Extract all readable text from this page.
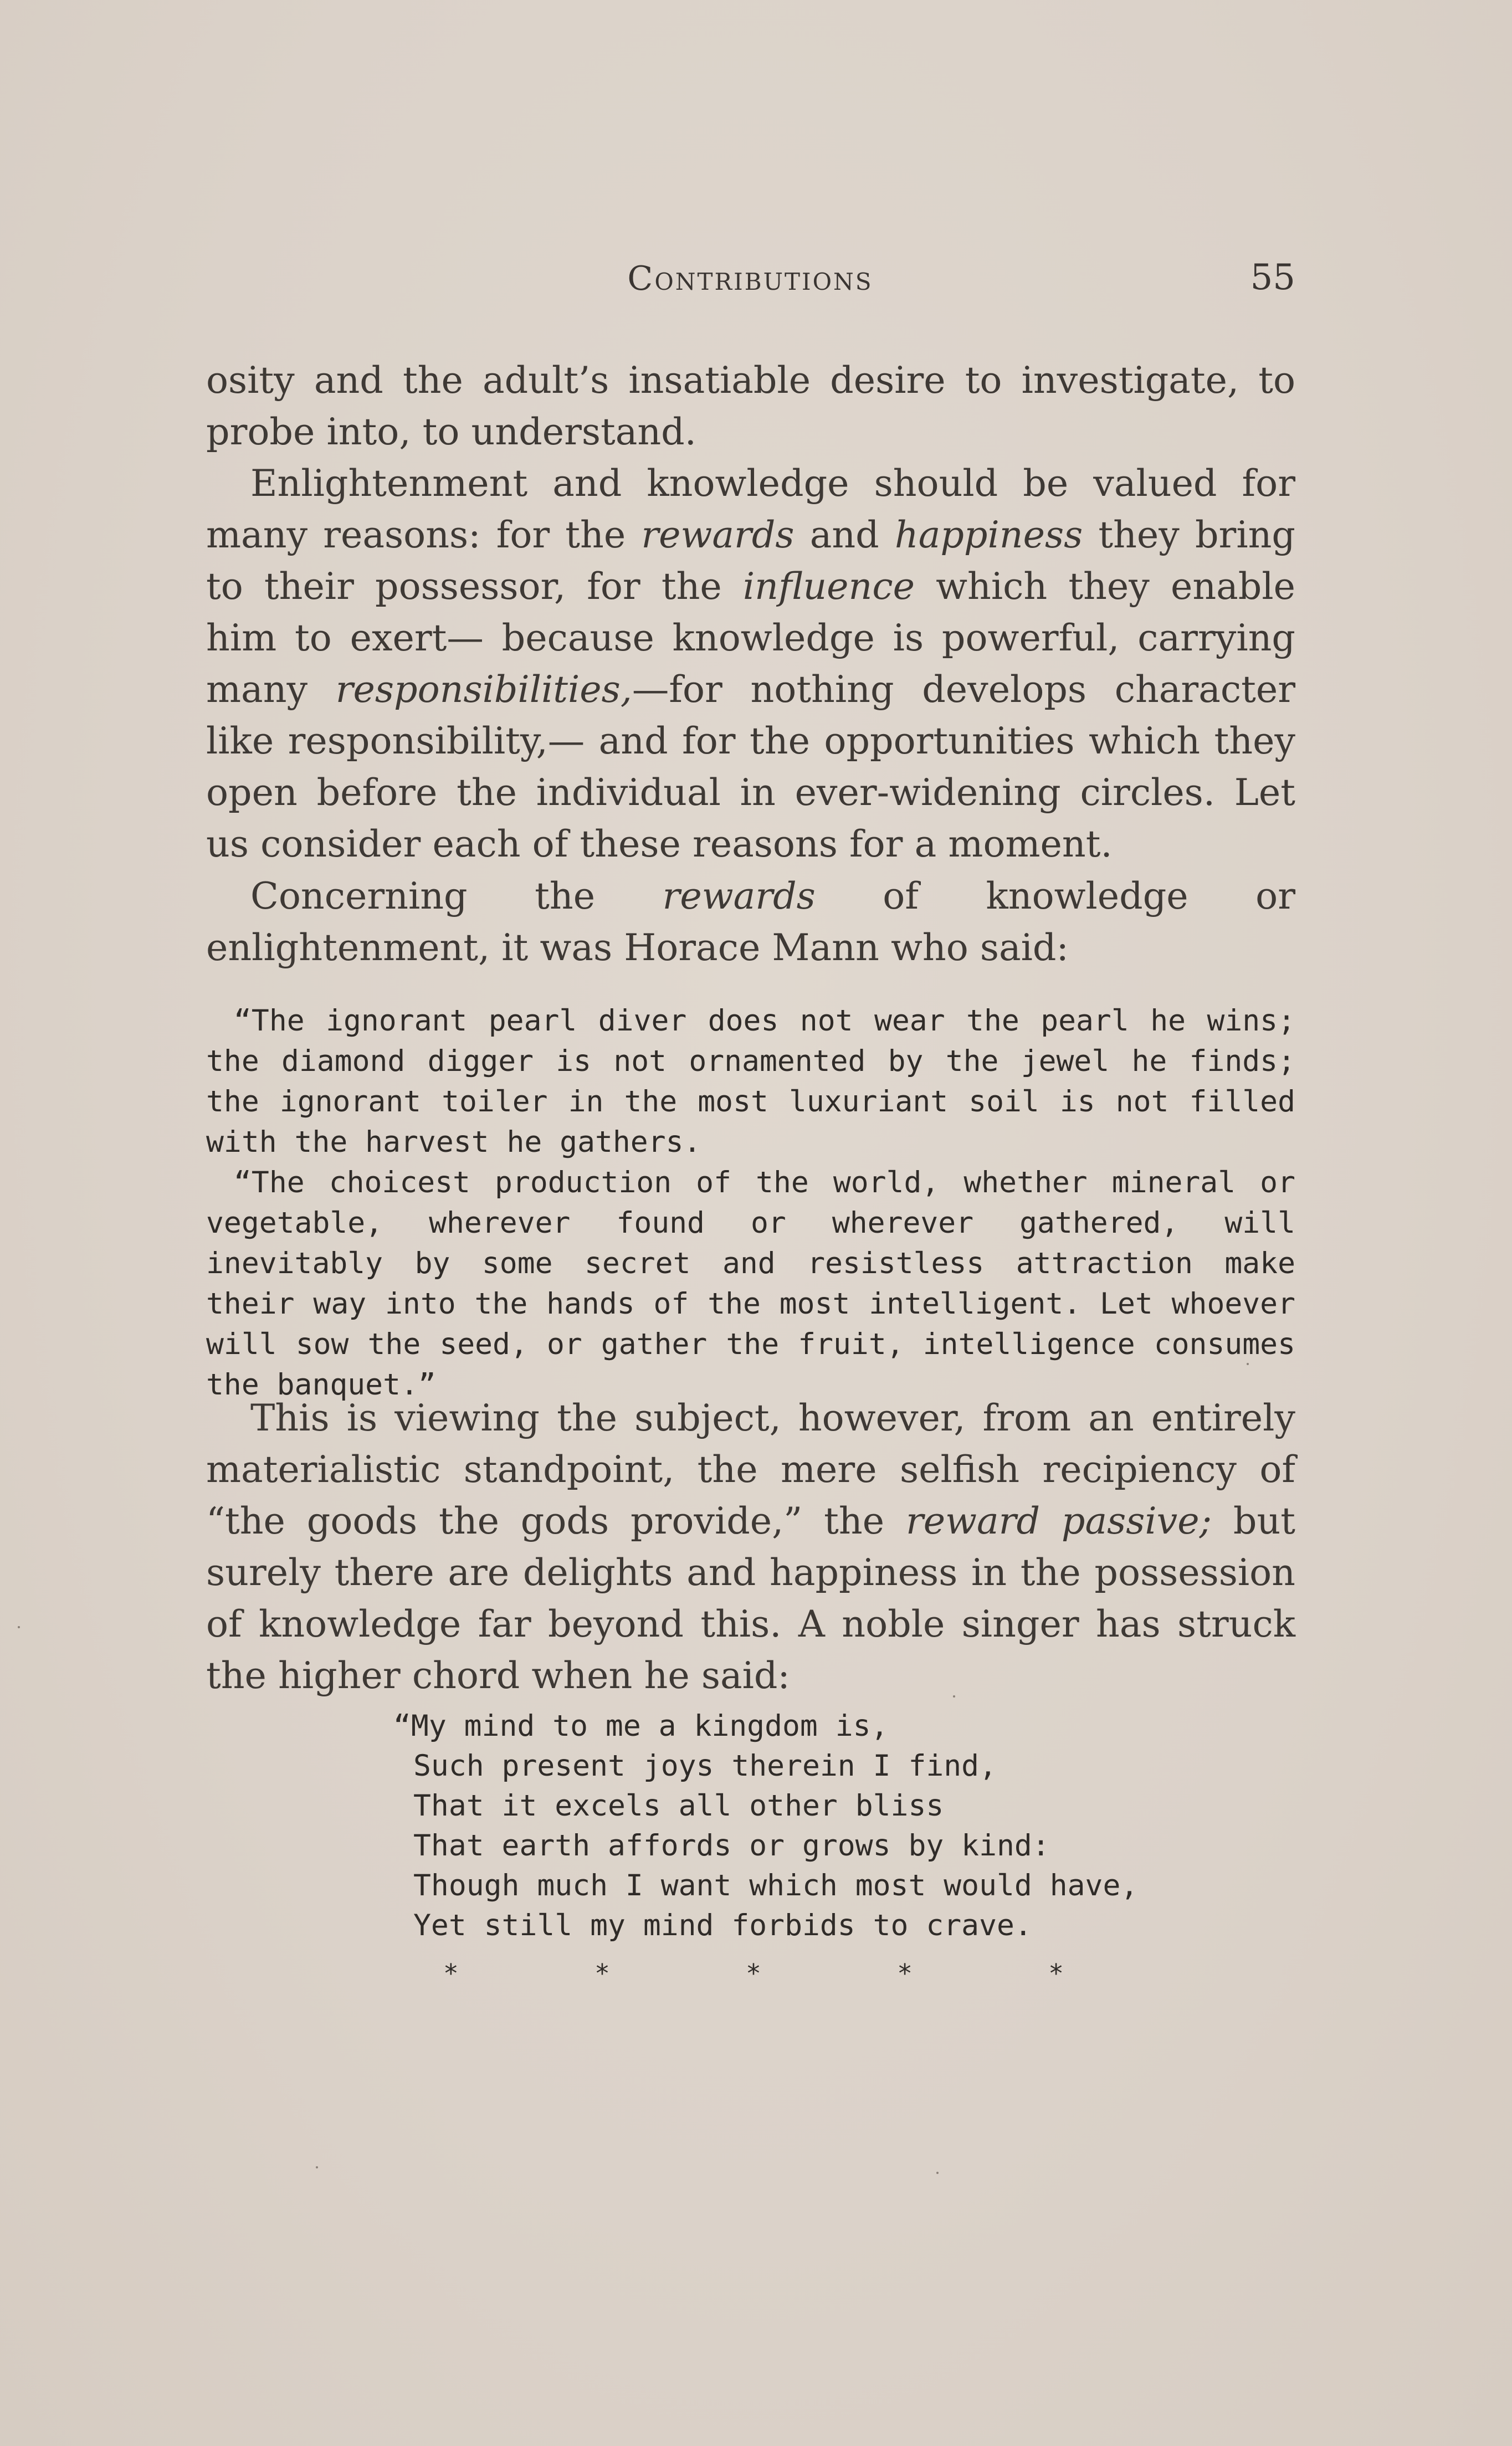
Contributions	55

osity and the adult’s insatiable desire to investigate, to probe into, to understand.

Enlightenment and knowledge should be valued for many reasons: for the rewards and happiness they bring to their possessor, for the influence which they enable him to exert— because knowledge is powerful, carrying many responsibilities,—for nothing develops character like responsibility,— and for the opportunities which they open before the individual in ever-widening circles. Let us consider each of these reasons for a moment.

Concerning the rewards of knowledge or enlightenment, it was Horace Mann who said:

“The ignorant pearl diver does not wear the pearl he wins; the diamond digger is not ornamented by the jewel he finds; the ignorant toiler in the most luxuriant soil is not filled with the harvest he gathers.

“The choicest production of the world, whether mineral or vegetable, wherever found or wherever gathered, will inevitably by some secret and resistless attraction make their way into the hands of the most intelligent. Let whoever will sow the seed, or gather the fruit, intelligence consumes the banquet.”

This is viewing the subject, however, from an entirely materialistic standpoint, the mere selfish recipiency of “the goods the gods provide,” the reward passive; but surely there are delights and happiness in the possession of knowledge far beyond this. A noble singer has struck the higher chord when he said:

“My mind to me a kingdom is,
Such present joys therein I find,
That it excels all other bliss
That earth affords or grows by kind:
Though much I want which most would have,
Yet still my mind forbids to crave.
*	*	*	*	*
